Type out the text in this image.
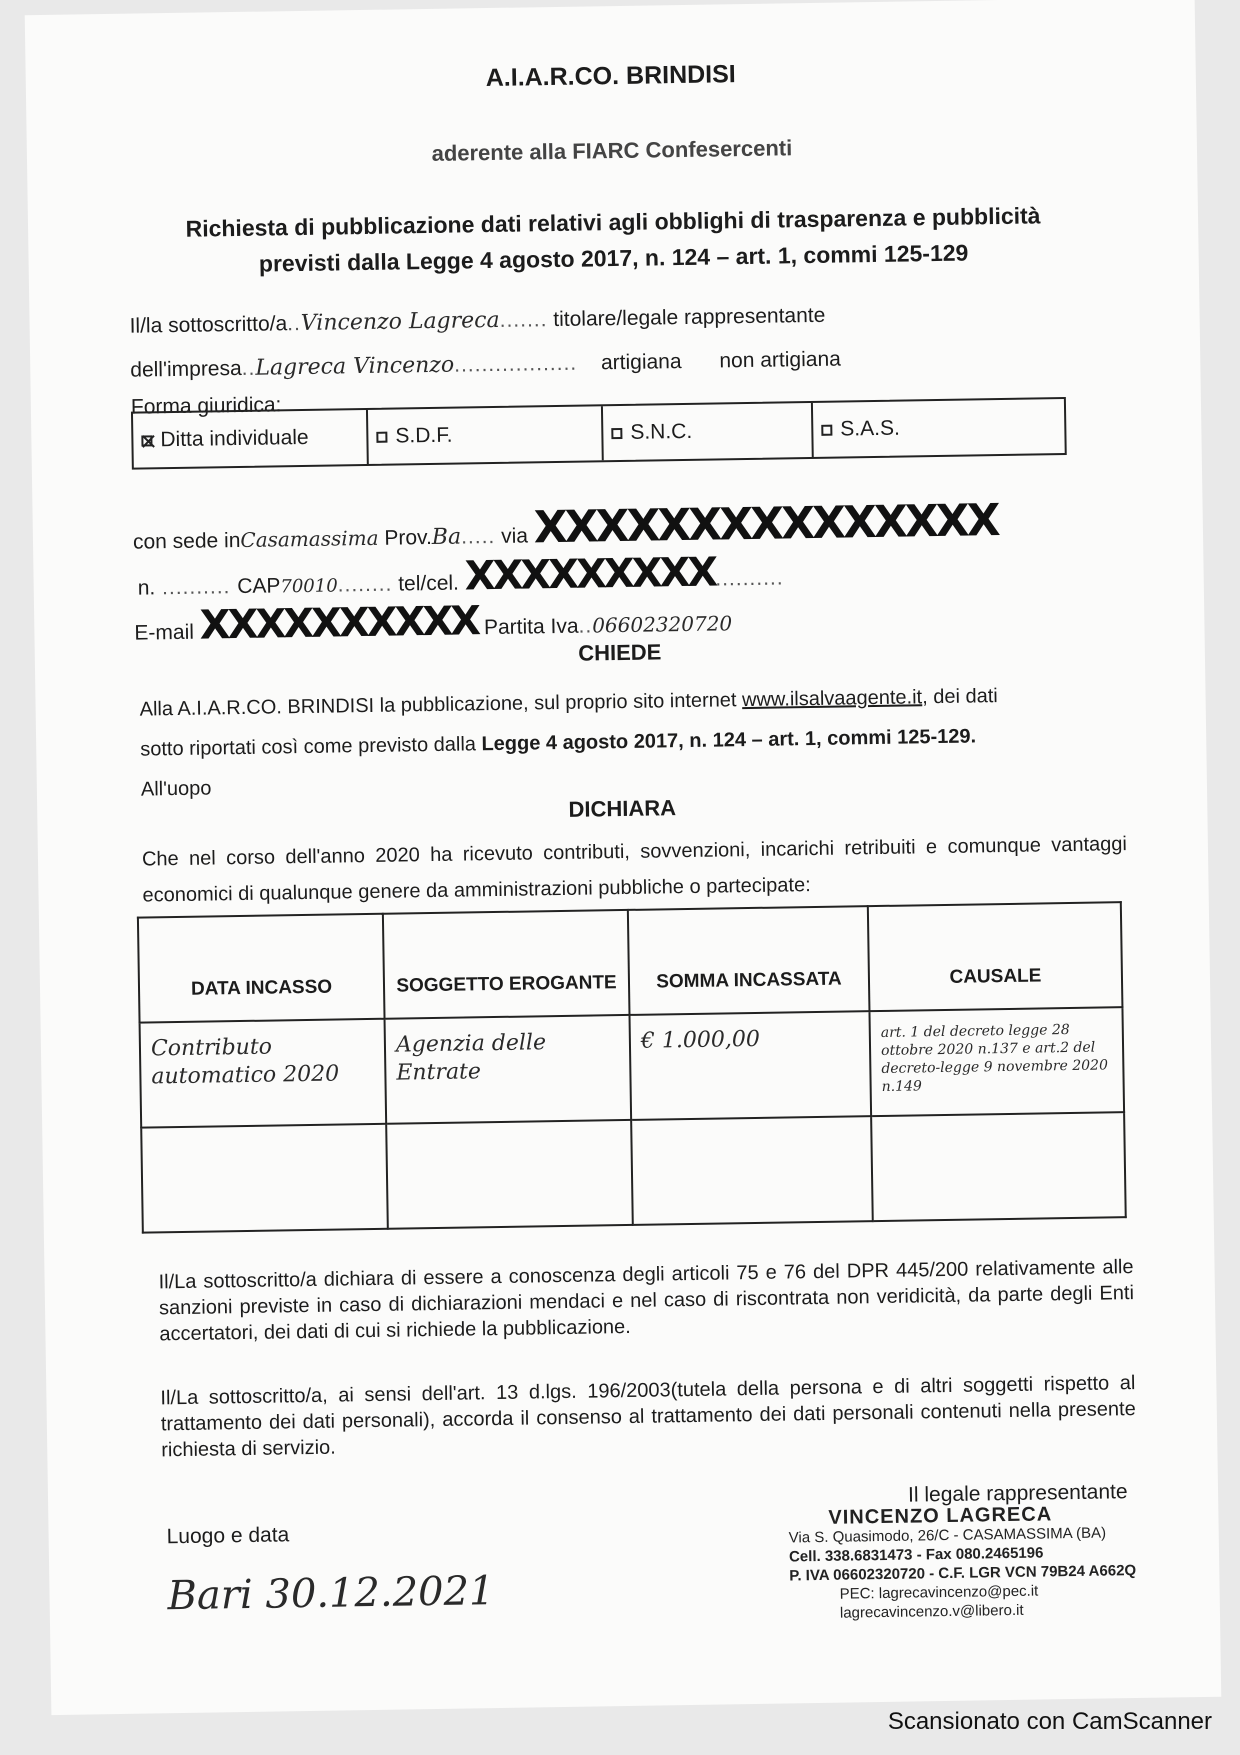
A.I.A.R.CO. BRINDISI
aderente alla FIARC Confesercenti
Richiesta di pubblicazione dati relativi agli obblighi di trasparenza e pubblicità
previsti dalla Legge 4 agosto 2017, n. 124 – art. 1, commi 125-129
Il/la sottoscritto/a..Vincenzo Lagreca....... titolare/legale rappresentante
dell'impresa..Lagreca Vincenzo.................. artigiana non artigiana
Forma giuridica:
Ditta individuale	S.D.F.	S.N.C.	S.A.S.
con sede inCasamassima Prov.Ba..... via XXXXXXXXXXXXXXX
n. .......... CAP70010........ tel/cel. XXXXXXXXX..........
E-mail XXXXXXXXXX Partita Iva..06602320720
CHIEDE
Alla A.I.A.R.CO. BRINDISI la pubblicazione, sul proprio sito internet www.ilsalvaagente.it, dei dati
sotto riportati così come previsto dalla Legge 4 agosto 2017, n. 124 – art. 1, commi 125-129.
All'uopo
DICHIARA
Che nel corso dell'anno 2020 ha ricevuto contributi, sovvenzioni, incarichi retribuiti e comunque vantaggi economici di qualunque genere da amministrazioni pubbliche o partecipate:
DATA INCASSO	SOGGETTO EROGANTE	SOMMA INCASSATA	CAUSALE

Contributo automatico 2020	Agenzia delle Entrate	€ 1.000,00	art. 1 del decreto legge 28 ottobre 2020 n.137 e art.2 del decreto-legge 9 novembre 2020 n.149

Il/La sottoscritto/a dichiara di essere a conoscenza degli articoli 75 e 76 del DPR 445/200 relativamente alle sanzioni previste in caso di dichiarazioni mendaci e nel caso di riscontrata non veridicità, da parte degli Enti accertatori, dei dati di cui si richiede la pubblicazione.
Il/La sottoscritto/a, ai sensi dell'art. 13 d.lgs. 196/2003(tutela della persona e di altri soggetti rispetto al trattamento dei dati personali), accorda il consenso al trattamento dei dati personali contenuti nella presente richiesta di servizio.
Luogo e data
Bari 30.12.2021
Il legale rappresentante
VINCENZO LAGRECA
Via S. Quasimodo, 26/C - CASAMASSIMA (BA)
Cell. 338.6831473 - Fax 080.2465196
P. IVA 06602320720 - C.F. LGR VCN 79B24 A662Q
PEC: lagrecavincenzo@pec.it
lagrecavincenzo.v@libero.it
Scansionato con CamScanner
